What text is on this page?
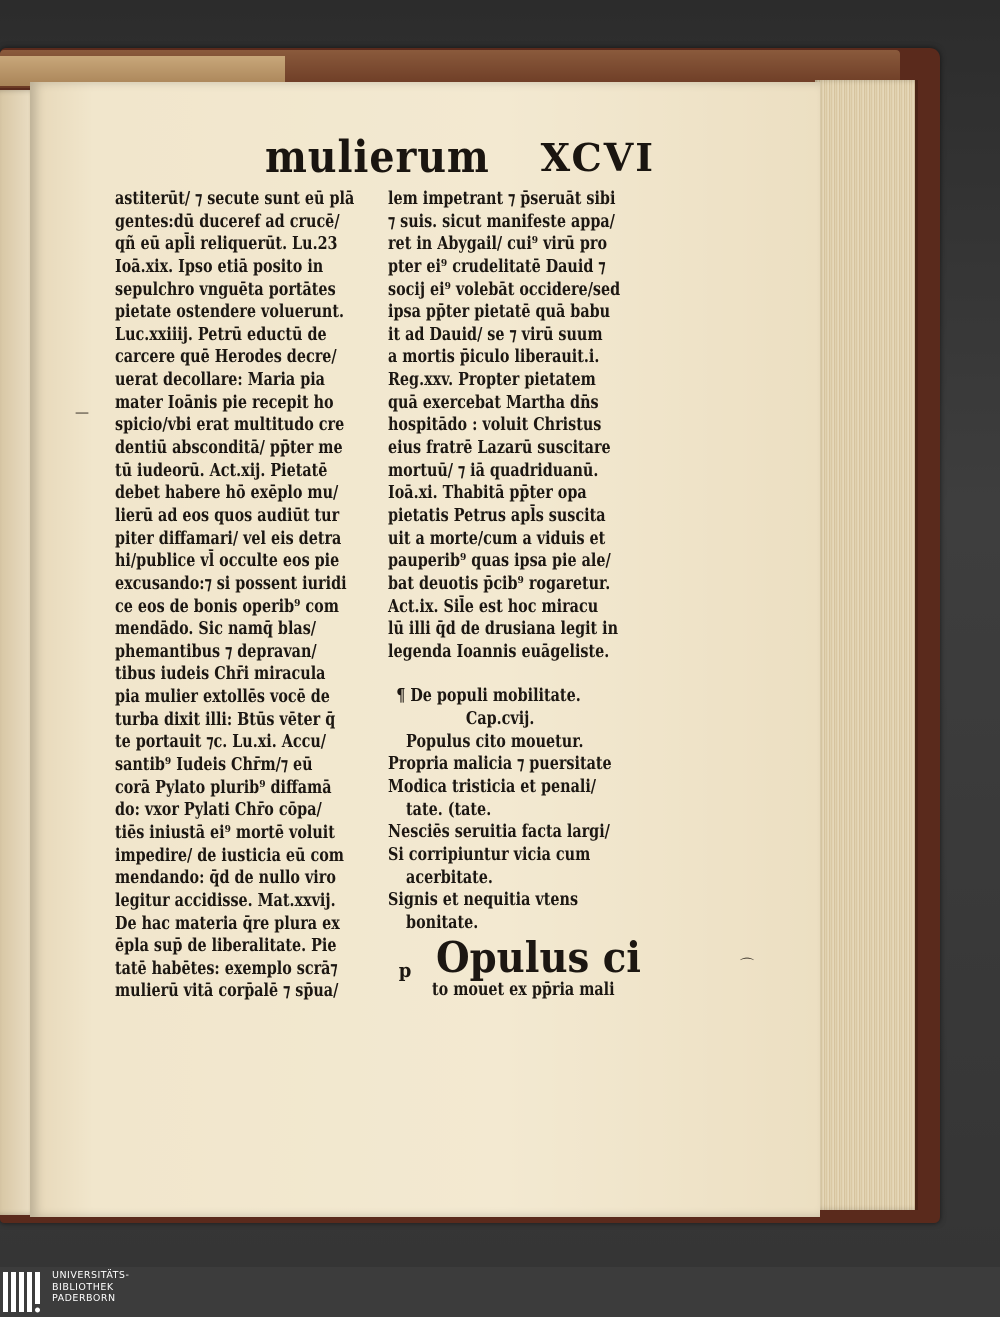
mulierum XCVI
astiterūt/ ⁊ secute sunt eū plā
gentes:dū duceref ad crucē/
qñ eū apl̄i reliquerūt. Lu.23
Ioā.xix. Ipso etiā posito in
sepulchro vnguēta portātes
pietate ostendere voluerunt.
Luc.xxiiij. Petrū eductū de
carcere quē Herodes decre/
uerat decollare: Maria pia
mater Ioānis pie recepit ho
spicio/vbi erat multitudo cre
dentiū absconditā/ pp̄ter me
tū iudeorū. Act.xij. Pietatē
debet habere hō exēplo mu/
lierū ad eos quos audiūt tur
piter diffamari/ vel eis detra
hi/publice vl̄ occulte eos pie
excusando:⁊ si possent iuridi
ce eos de bonis operib⁹ com
mendādo. Sic namq̄ blas/
phemantibus ⁊ depravan/
tibus iudeis Chr̄i miracula
pia mulier extollēs vocē de
turba dixit illi: Btūs vēter q̄
te portauit ⁊c. Lu.xi. Accu/
santib⁹ Iudeis Chr̄m/⁊ eū
corā Pylato plurib⁹ diffamā
do: vxor Pylati Chr̄o cōpa/
tiēs iniustā ei⁹ mortē voluit
impedire/ de iusticia eū com
mendando: q̄d de nullo viro
legitur accidisse. Mat.xxvij.
De hac materia q̄re plura ex
ēpla sup̄ de liberalitate. Pie
tatē habētes: exemplo scrā⁊
mulierū vitā corp̄alē ⁊ sp̄ua/
lem impetrant ⁊ p̄seruāt sibi
⁊ suis. sicut manifeste appa/
ret in Abygail/ cui⁹ virū pro
pter ei⁹ crudelitatē Dauid ⁊
socij ei⁹ volebāt occidere/sed
ipsa pp̄ter pietatē quā babu
it ad Dauid/ se ⁊ virū suum
a mortis p̄iculo liberauit.i.
Reg.xxv. Propter pietatem
quā exercebat Martha dn̄s
hospitādo : voluit Christus
eius fratrē Lazarū suscitare
mortuū/ ⁊ iā quadriduanū.
Ioā.xi. Thabitā pp̄ter opa
pietatis Petrus apl̄s suscita
uit a morte/cum a viduis et
pauperib⁹ quas ipsa pie ale/
bat deuotis p̄cib⁹ rogaretur.
Act.ix. Sil̄e est hoc miracu
lū illi q̄d de drusiana legit in
legenda Ioannis euāgeliste.
¶ De populi mobilitate.
Cap.cvij.
Populus cito mouetur.
Propria malicia ⁊ puersitate
Modica tristicia et penali/
tate. (tate.
Nesciēs seruitia facta largi/
Si corripiuntur vicia cum
acerbitate.
Signis et nequitia vtens
bonitate.
p Opulus ci
to mouet ex pp̄ria mali
—
⌒
UNIVERSITÄTS-
BIBLIOTHEK
PADERBORN
